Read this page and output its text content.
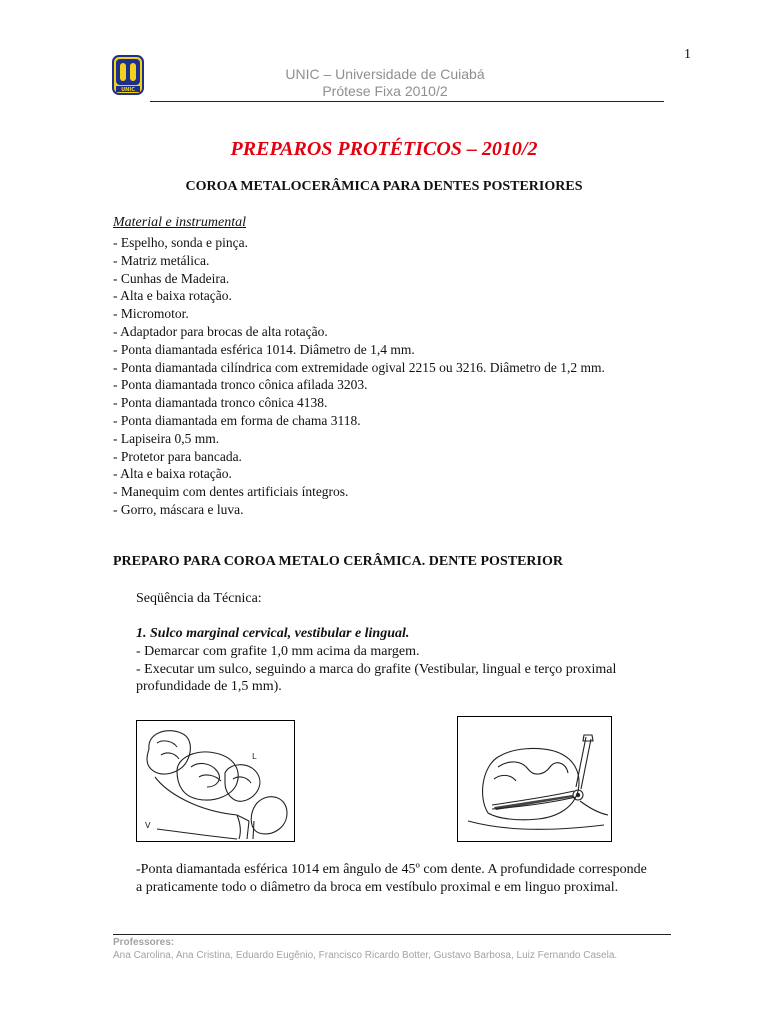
1
UNIC
UNIC – Universidade de Cuiabá
Prótese Fixa 2010/2
PREPAROS PROTÉTICOS – 2010/2
COROA METALOCERÂMICA PARA DENTES POSTERIORES
Material e instrumental
- Espelho, sonda e pinça.
- Matriz metálica.
- Cunhas de Madeira.
- Alta e baixa rotação.
- Micromotor.
- Adaptador para brocas de alta rotação.
- Ponta diamantada esférica 1014. Diâmetro de 1,4 mm.
- Ponta diamantada cilíndrica com extremidade ogival 2215 ou 3216. Diâmetro de 1,2 mm.
- Ponta diamantada tronco cônica afilada 3203.
- Ponta diamantada tronco cônica 4138.
- Ponta diamantada em forma de chama 3118.
- Lapiseira 0,5 mm.
- Protetor para bancada.
- Alta e baixa rotação.
- Manequim com dentes artificiais íntegros.
- Gorro, máscara e luva.
PREPARO PARA COROA METALO CERÂMICA. DENTE POSTERIOR
Seqüência da Técnica:
1. Sulco marginal cervical, vestibular e lingual.
- Demarcar com grafite 1,0 mm acima da margem.
- Executar um sulco, seguindo a marca do grafite (Vestibular, lingual e terço proximal
profundidade de 1,5 mm).
L
V
-Ponta diamantada esférica 1014 em ângulo de 45º com dente. A profundidade corresponde
a praticamente todo o diâmetro da broca em vestíbulo proximal e em linguo proximal.
Professores:
Ana Carolina, Ana Cristina, Eduardo Eugênio, Francisco Ricardo Botter, Gustavo Barbosa, Luiz Fernando Casela.
